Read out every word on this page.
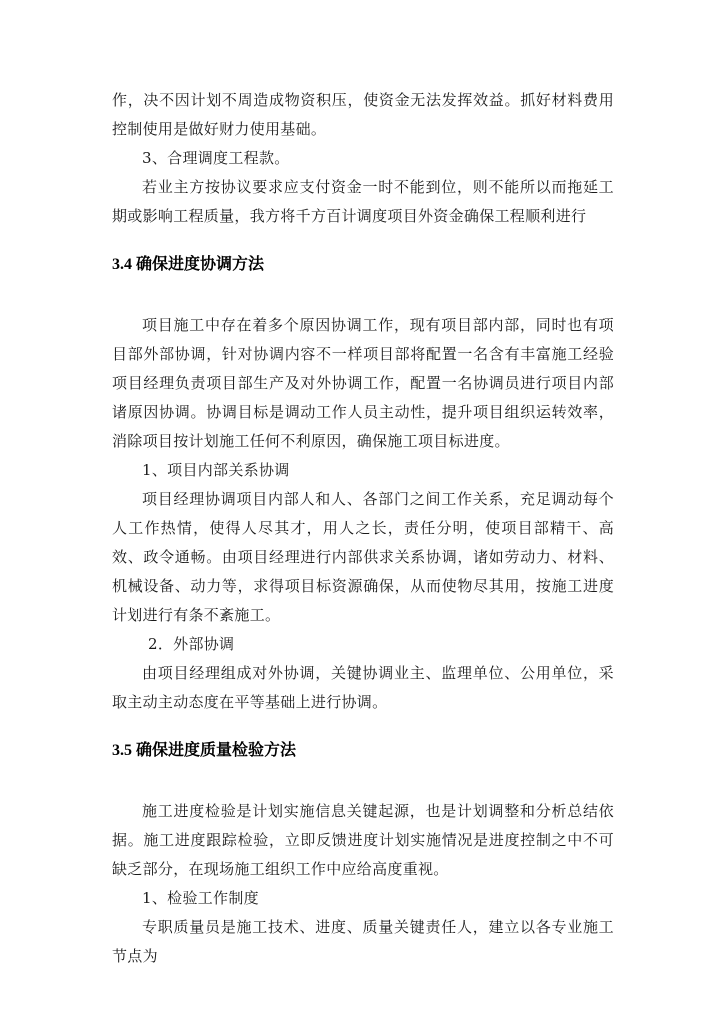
作，决不因计划不周造成物资积压，使资金无法发挥效益。抓好材料费用控制使用是做好财力使用基础。

3、合理调度工程款。

若业主方按协议要求应支付资金一时不能到位，则不能所以而拖延工期或影响工程质量，我方将千方百计调度项目外资金确保工程顺利进行

3.4 确保进度协调方法

项目施工中存在着多个原因协调工作，现有项目部内部，同时也有项目部外部协调，针对协调内容不一样项目部将配置一名含有丰富施工经验项目经理负责项目部生产及对外协调工作，配置一名协调员进行项目内部诸原因协调。协调目标是调动工作人员主动性，提升项目组织运转效率，消除项目按计划施工任何不利原因，确保施工项目标进度。

1、项目内部关系协调

项目经理协调项目内部人和人、各部门之间工作关系，充足调动每个人工作热情，使得人尽其才，用人之长，责任分明，使项目部精干、高效、政令通畅。由项目经理进行内部供求关系协调，诸如劳动力、材料、机械设备、动力等，求得项目标资源确保，从而使物尽其用，按施工进度计划进行有条不紊施工。

2．外部协调

由项目经理组成对外协调，关键协调业主、监理单位、公用单位，采取主动主动态度在平等基础上进行协调。

3.5 确保进度质量检验方法

施工进度检验是计划实施信息关键起源，也是计划调整和分析总结依据。施工进度跟踪检验，立即反馈进度计划实施情况是进度控制之中不可缺乏部分，在现场施工组织工作中应给高度重视。

1、检验工作制度

专职质量员是施工技术、进度、质量关键责任人，建立以各专业施工节点为
